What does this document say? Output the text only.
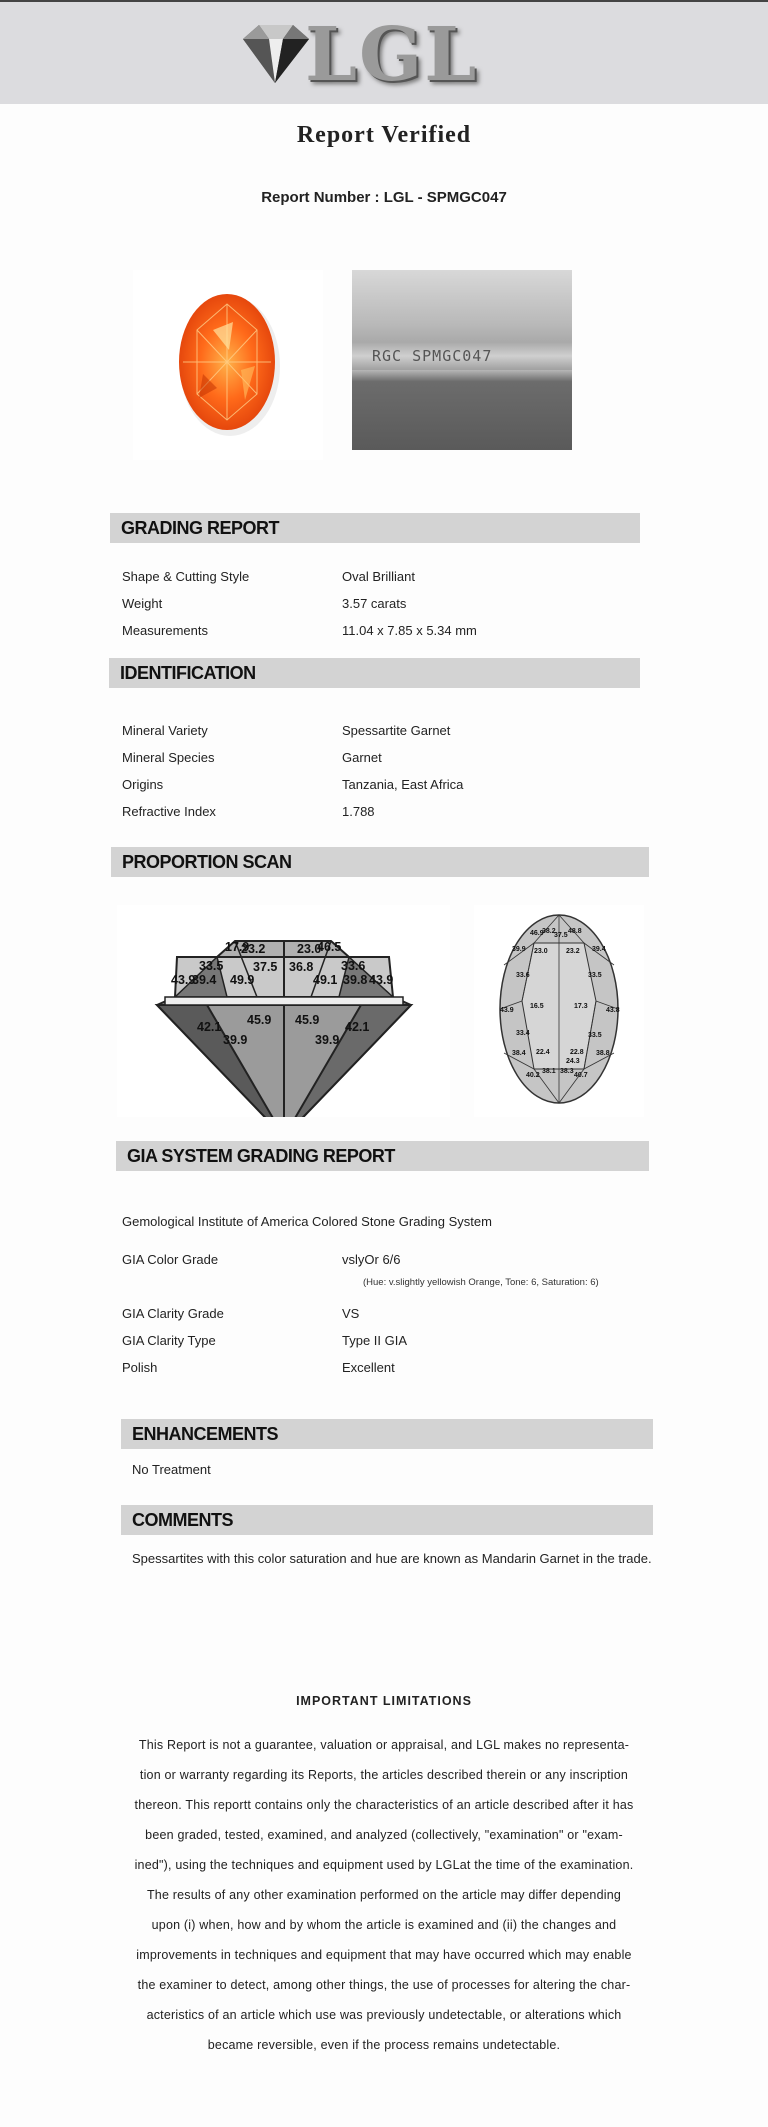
LGL
Report Verified
Report Number : LGL - SPMGC047
RGC SPMGC047
GRADING REPORT
Shape & Cutting Style	Oval Brilliant
Weight	3.57 carats
Measurements	11.04 x 7.85 x 5.34 mm
IDENTIFICATION
Mineral Variety	Spessartite Garnet
Mineral Species	Garnet
Origins	Tanzania, East Africa
Refractive Index	1.788
PROPORTION SCAN
17.9
23.2	23.0
46.5
33.5 37.5 36.8 33.6
43.9
39.4 49.9	49.1 39.8 43.9
42.1 45.9 45.9 42.1
39.9	39.9
46.9
38.2
37.5
48.8
39.9 23.0	23.2 39.4
33.6	33.5
43.9
16.5	17.3
43.8
33.4	33.5
38.4 22.4	22.8 38.8
24.3
40.2
38.1 38.3
40.7
GIA SYSTEM GRADING REPORT
Gemological Institute of America Colored Stone Grading System
GIA Color Grade	vslyOr 6/6
(Hue: v.slightly yellowish Orange, Tone: 6, Saturation: 6)
GIA Clarity Grade	VS
GIA Clarity Type	Type II GIA
Polish	Excellent
ENHANCEMENTS
No Treatment
COMMENTS
Spessartites with this color saturation and hue are known as Mandarin Garnet in the trade.
IMPORTANT LIMITATIONS
This Report is not a guarantee, valuation or appraisal, and LGL makes no representa-
tion or warranty regarding its Reports, the articles described therein or any inscription
thereon. This reportt contains only the characteristics of an article described after it has
been graded, tested, examined, and analyzed (collectively, "examination" or "exam-
ined"), using the techniques and equipment used by LGLat the time of the examination.
The results of any other examination performed on the article may differ depending
upon (i) when, how and by whom the article is examined and (ii) the changes and
improvements in techniques and equipment that may have occurred which may enable
the examiner to detect, among other things, the use of processes for altering the char-
acteristics of an article which use was previously undetectable, or alterations which
became reversible, even if the process remains undetectable.
